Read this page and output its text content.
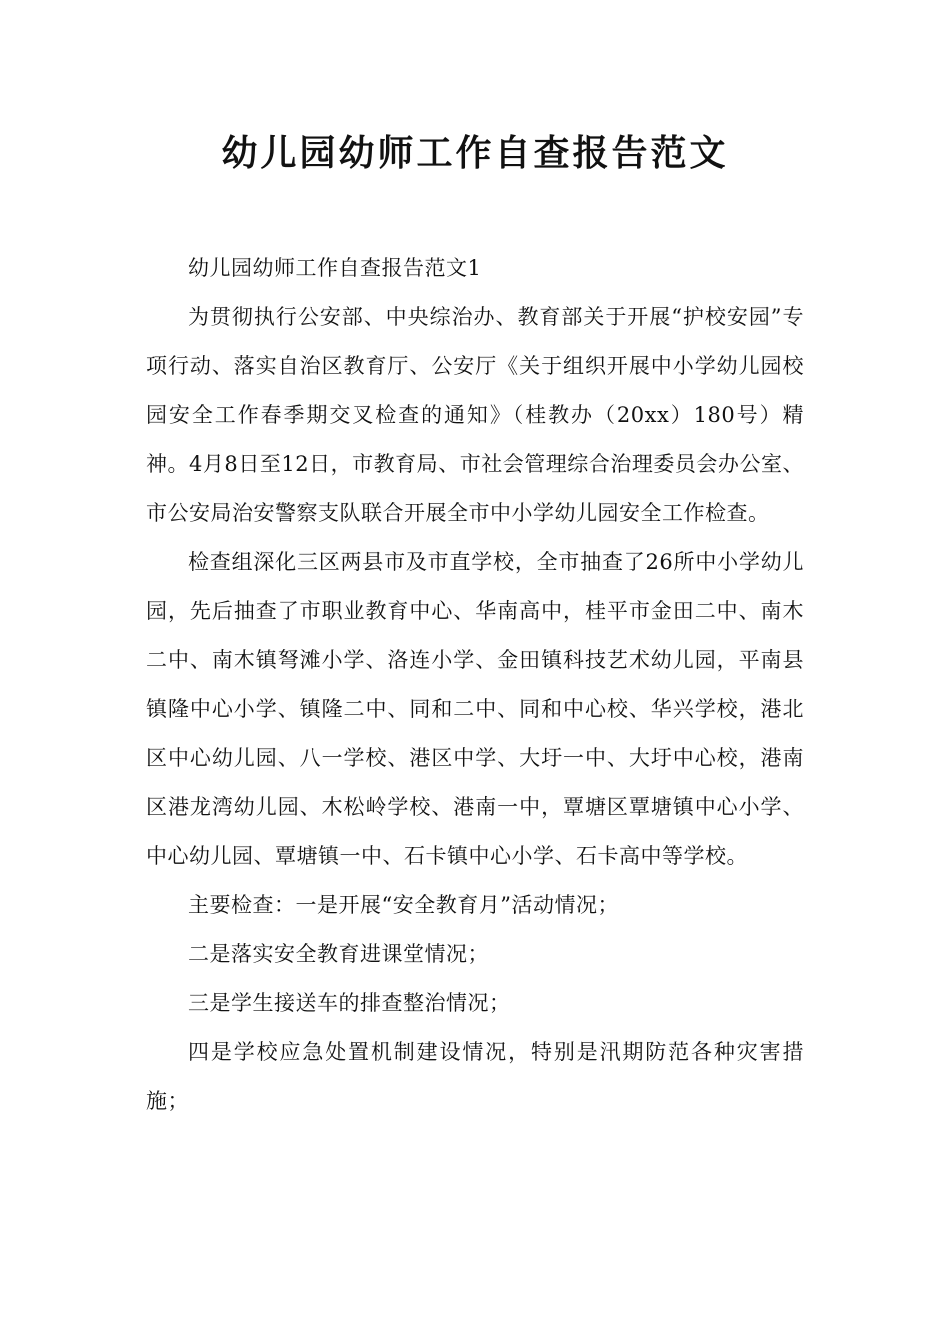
幼儿园幼师工作自查报告范文

幼儿园幼师工作自查报告范文1

为贯彻执行公安部、中央综治办、教育部关于开展“护校安园”专项行动、落实自治区教育厅、公安厅《关于组织开展中小学幼儿园校园安全工作春季期交叉检查的通知》（桂教办（20xx）180号）精神。4月8日至12日，市教育局、市社会管理综合治理委员会办公室、市公安局治安警察支队联合开展全市中小学幼儿园安全工作检查。

检查组深化三区两县市及市直学校，全市抽查了26所中小学幼儿园，先后抽查了市职业教育中心、华南高中，桂平市金田二中、南木二中、南木镇弩滩小学、洛连小学、金田镇科技艺术幼儿园，平南县镇隆中心小学、镇隆二中、同和二中、同和中心校、华兴学校，港北区中心幼儿园、八一学校、港区中学、大圩一中、大圩中心校，港南区港龙湾幼儿园、木松岭学校、港南一中，覃塘区覃塘镇中心小学、中心幼儿园、覃塘镇一中、石卡镇中心小学、石卡高中等学校。

主要检查：一是开展“安全教育月”活动情况；

二是落实安全教育进课堂情况；

三是学生接送车的排查整治情况；

四是学校应急处置机制建设情况，特别是汛期防范各种灾害措施；
